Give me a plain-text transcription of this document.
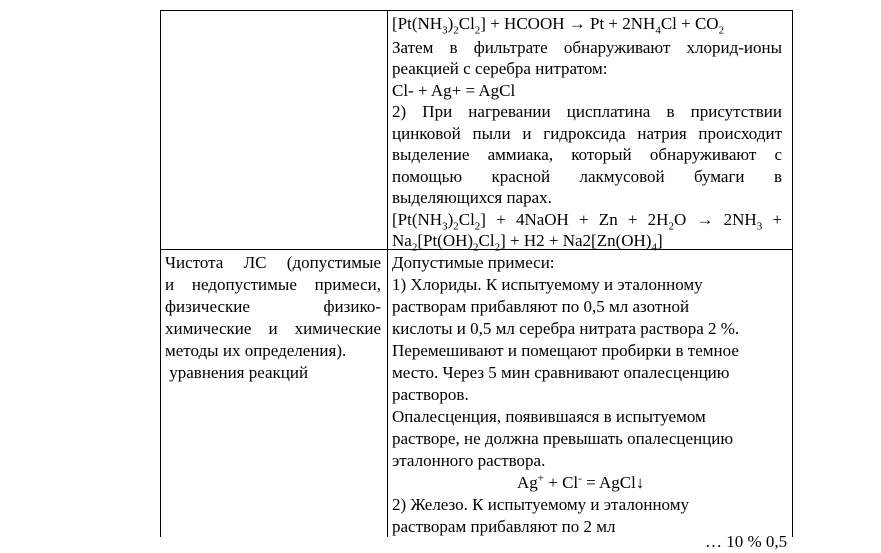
$[Pt(NH_3)_2Cl_2]$ + HCOOH → $Pt + 2NH_4Cl + CO_2$
Затем в фильтрате обнаруживают хлорид-ионы
реакцией с серебра нитратом:
Cl- + Ag+ = AgCl
2) При нагревании цисплатина в присутствии
цинковой пыли и гидроксида натрия происходит
выделение аммиака, который обнаруживают с
помощью красной лакмусовой бумаги в
выделяющихся парах.
$[Pt(NH_3)_2Cl_2]$ + 4NaOH + $Zn + 2H_2O \to 2NH_3$ +
$Na_2[Pt(OH)_2Cl_2] + H2 + Na2[Zn(OH)_4]$
Чистота ЛС (допустимые
и недопустимые примеси,
физические физико-
химические и химические
методы их определения).
уравнения реакций
Допустимые примеси:
1) Хлориды. К испытуемому и эталонному
растворам прибавляют по 0,5 мл азотной
кислоты и 0,5 мл серебра нитрата раствора 2 %.
Перемешивают и помещают пробирки в темное
место. Через 5 мин сравнивают опалесценцию
растворов.
Опалесценция, появившаяся в испытуемом
растворе, не должна превышать опалесценцию
эталонного раствора.
Ag+ + Cl- = AgCl↓
2) Железо. К испытуемому и эталонному
растворам прибавляют по 2 мл
… 10 % 0,5
